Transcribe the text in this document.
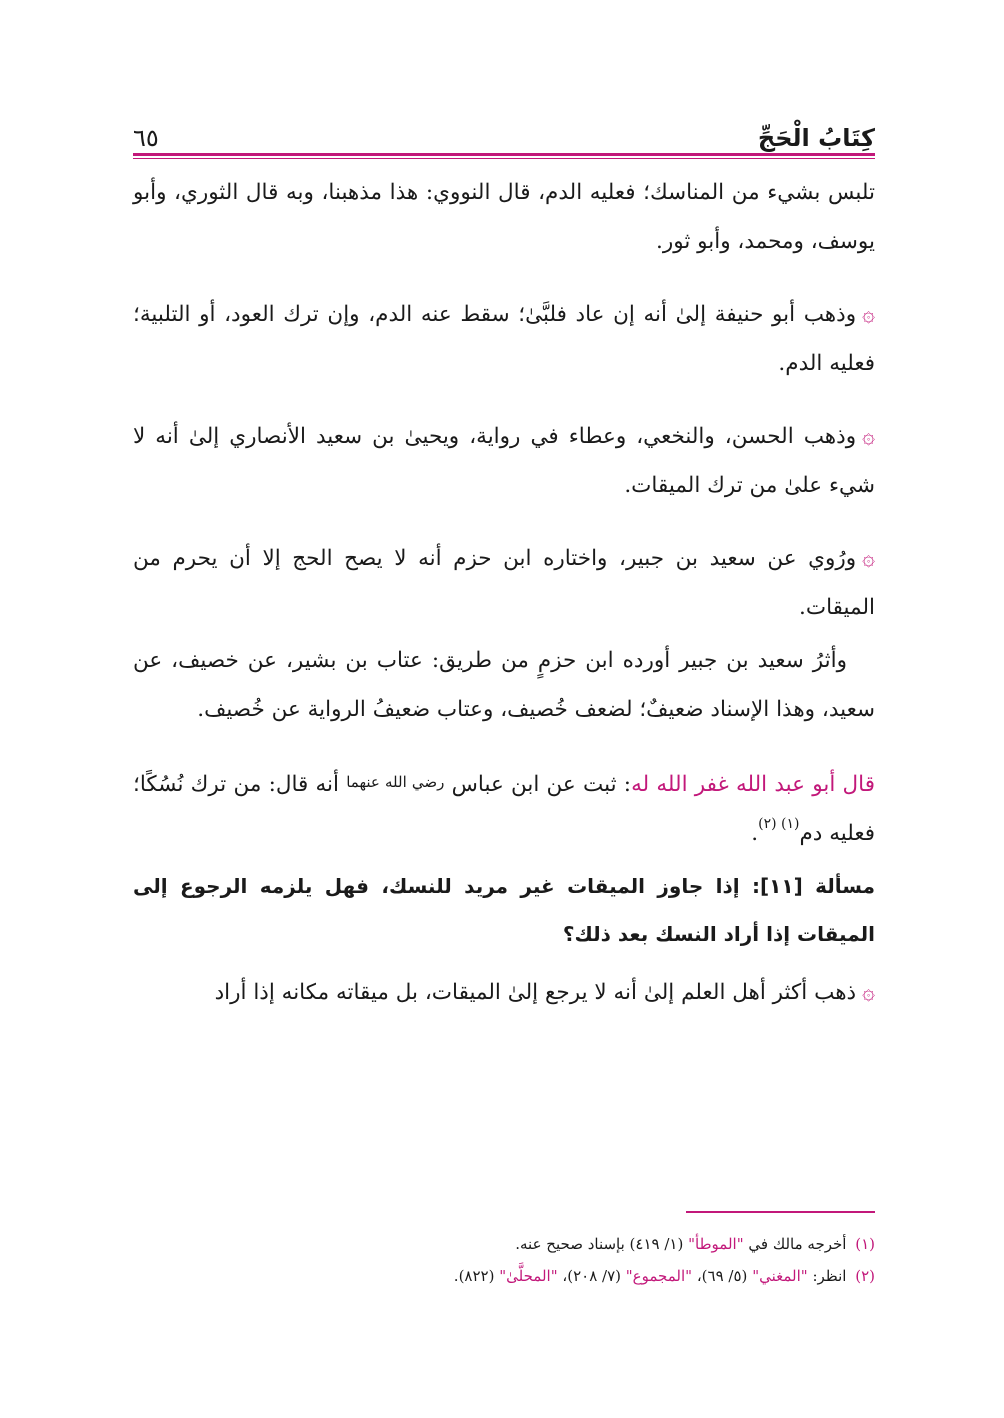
٦٥	كِتَابُ الْحَجِّ

تلبس بشيء من المناسك؛ فعليه الدم، قال النووي: هذا مذهبنا، وبه قال الثوري، وأبو يوسف، ومحمد، وأبو ثور.

۞وذهب أبو حنيفة إلىٰ أنه إن عاد فلبَّىٰ؛ سقط عنه الدم، وإن ترك العود، أو التلبية؛ فعليه الدم.

۞وذهب الحسن، والنخعي، وعطاء في رواية، ويحيىٰ بن سعيد الأنصاري إلىٰ أنه لا شيء علىٰ من ترك الميقات.

۞ورُوي عن سعيد بن جبير، واختاره ابن حزم أنه لا يصح الحج إلا أن يحرم من الميقات.

وأثرُ سعيد بن جبير أورده ابن حزمٍ من طريق: عتاب بن بشير، عن خصيف، عن سعيد، وهذا الإسناد ضعيفٌ؛ لضعف خُصيف، وعتاب ضعيفُ الرواية عن خُصيف.

قال أبو عبد الله غفر الله له: ثبت عن ابن عباس رضي الله عنهما أنه قال: من ترك نُسُكًا؛ فعليه دم$^{(١) (٢)}$.

مسألة [١١]: إذا جاوز الميقات غير مريد للنسك، فهل يلزمه الرجوع إلى الميقات إذا أراد النسك بعد ذلك؟

۞ذهب أكثر أهل العلم إلىٰ أنه لا يرجع إلىٰ الميقات، بل ميقاته مكانه إذا أراد

(١) أخرجه مالك في "الموطأ" (١/ ٤١٩) بإسناد صحيح عنه.
(٢) انظر: "المغني" (٥/ ٦٩)، "المجموع" (٧/ ٢٠٨)، "المحلَّىٰ" (٨٢٢).
